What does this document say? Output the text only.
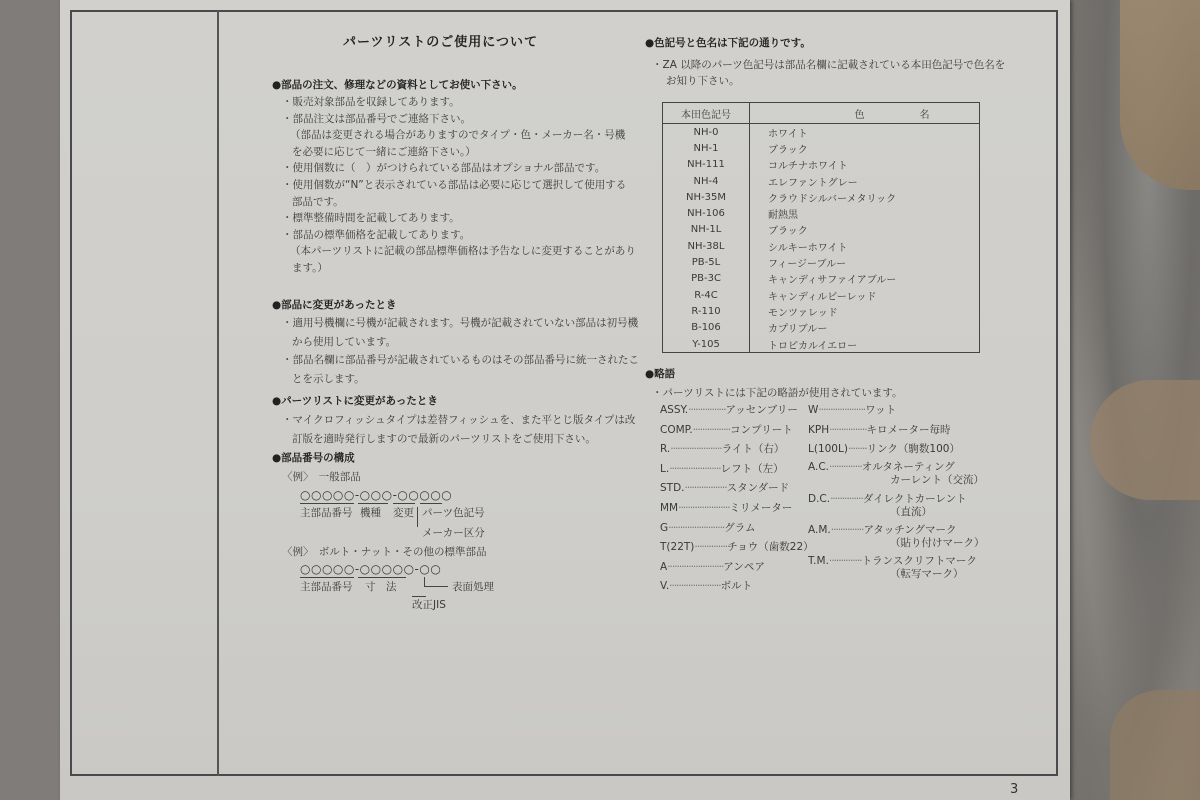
パーツリストのご使用について
●部品の注文、修理などの資料としてお使い下さい。
・販売対象部品を収録してあります。
・部品注文は部品番号でご連絡下さい。
（部品は変更される場合がありますのでタイプ・色・メーカー名・号機
を必要に応じて一緒にご連絡下さい。）
・使用個数に（　）がつけられている部品はオプショナル部品です。
・使用個数が“N”と表示されている部品は必要に応じて選択して使用する
部品です。
・標準整備時間を記載してあります。
・部品の標準価格を記載してあります。
（本パーツリストに記載の部品標準価格は予告なしに変更することがあり
ます。）
●部品に変更があったとき
・適用号機欄に号機が記載されます。号機が記載されていない部品は初号機
から使用しています。
・部品名欄に部品番号が記載されているものはその部品番号に統一されたこ
とを示します。
●パーツリストに変更があったとき
・マイクロフィッシュタイプは差替フィッシュを、また平とじ版タイプは改
訂版を適時発行しますので最新のパーツリストをご使用下さい。
●部品番号の構成
〈例〉　一般部品
○○○○○-○○○-○○○○○
主部品番号 機種 変更 パーツ色記号
メーカー区分
〈例〉　ボルト・ナット・その他の標準部品
○○○○○-○○○○○-○○
主部品番号 寸　法	表面処理
改正JIS
●色記号と色名は下記の通りです。
・ZA 以降のパーツ色記号は部品名欄に記載されている本田色記号で色名を
お知り下さい。
本田色記号	色 名
NH-0	ホワイト
NH-1	ブラック
NH-111	コルチナホワイト
NH-4	エレファントグレー
NH-35M	クラウドシルバーメタリック
NH-106	耐熱黒
NH-1L	ブラック
NH-38L	シルキーホワイト
PB-5L	フィージーブルー
PB-3C	キャンディサファイアブルー
R-4C	キャンディルビーレッド
R-110	モンツァレッド
B-106	カプリブルー
Y-105	トロピカルイエロー
●略語
・パーツリストには下記の略語が使用されています。
ASSY.················アッセンブリー
COMP.················コンプリート
R.······················ライト（右）
L.······················レフト（左）
STD.··················スタンダード
MM······················ミリメーター
G························グラム
T(22T)··············チョウ（歯数22）
A························アンペア
V.······················ボルト
W····················ワット
KPH················キロメーター毎時
L(100L)········リンク（駒数100）
A.C.··············オルタネーティング
カーレント（交流）
D.C.··············ダイレクトカーレント
（直流）
A.M.··············アタッチングマーク
（貼り付けマーク）
T.M.··············トランスクリフトマーク
（転写マーク）
3
